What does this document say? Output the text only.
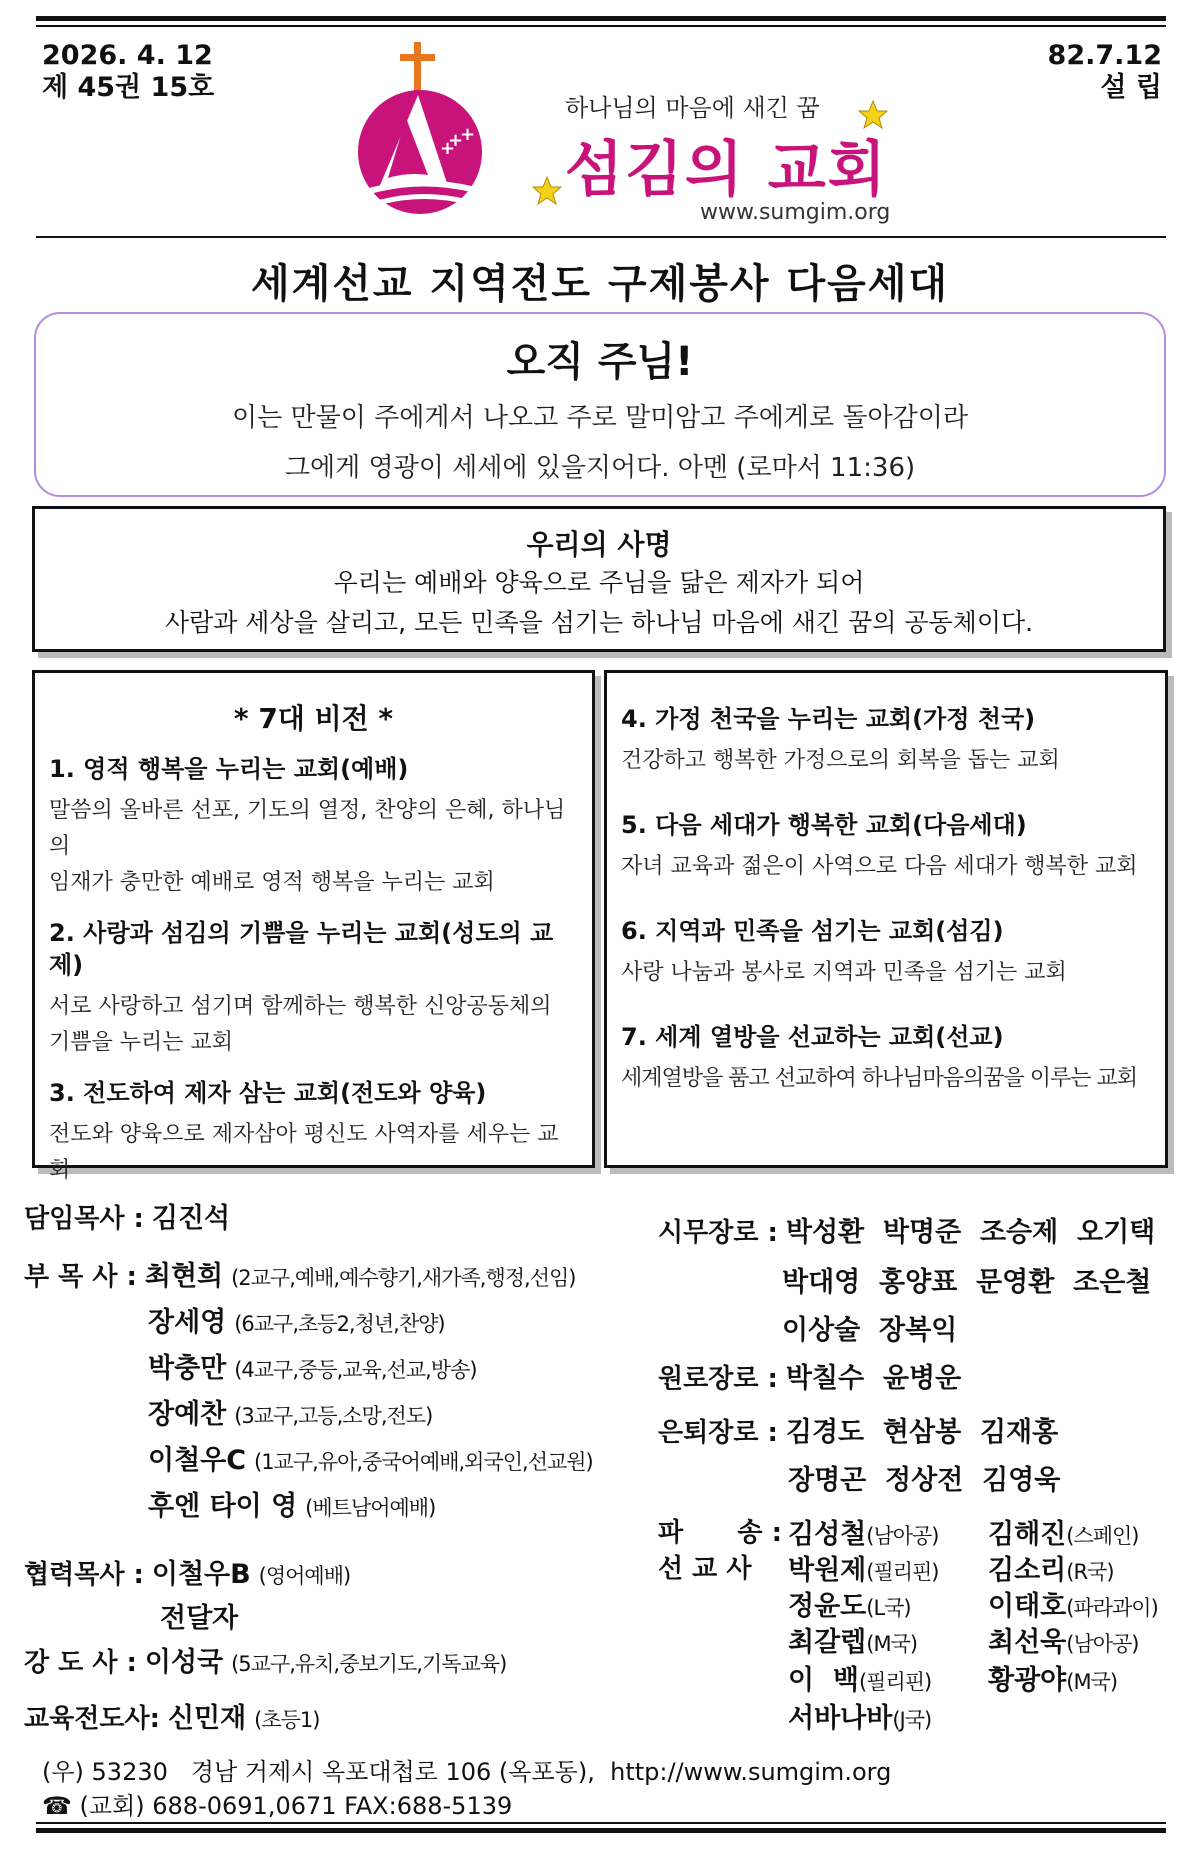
2026. 4. 12
제 45권 15호
82.7.12
설 립
+
+
+
하나님의 마음에 새긴 꿈
섬김의 교회
www.sumgim.org
세계선교 지역전도 구제봉사 다음세대
오직 주님!
이는 만물이 주에게서 나오고 주로 말미암고 주에게로 돌아감이라
그에게 영광이 세세에 있을지어다. 아멘 (로마서 11:36)
우리의 사명
우리는 예배와 양육으로 주님을 닮은 제자가 되어
사람과 세상을 살리고, 모든 민족을 섬기는 하나님 마음에 새긴 꿈의 공동체이다.
* 7대 비전 *
1. 영적 행복을 누리는 교회(예배)
말씀의 올바른 선포, 기도의 열정, 찬양의 은혜, 하나님의
임재가 충만한 예배로 영적 행복을 누리는 교회
2. 사랑과 섬김의 기쁨을 누리는 교회(성도의 교제)
서로 사랑하고 섬기며 함께하는 행복한 신앙공동체의
기쁨을 누리는 교회
3. 전도하여 제자 삼는 교회(전도와 양육)
전도와 양육으로 제자삼아 평신도 사역자를 세우는 교회
4. 가정 천국을 누리는 교회(가정 천국)
건강하고 행복한 가정으로의 회복을 돕는 교회
5. 다음 세대가 행복한 교회(다음세대)
자녀 교육과 젊은이 사역으로 다음 세대가 행복한 교회
6. 지역과 민족을 섬기는 교회(섬김)
사랑 나눔과 봉사로 지역과 민족을 섬기는 교회
7. 세계 열방을 선교하는 교회(선교)
세계열방을 품고 선교하여 하나님마음의꿈을 이루는 교회
담임목사 : 김진석
부 목 사 : 최현희 (2교구,예배,예수향기,새가족,행정,선임)
장세영 (6교구,초등2,청년,찬양)
박충만 (4교구,중등,교육,선교,방송)
장예찬 (3교구,고등,소망,전도)
이철우C (1교구,유아,중국어예배,외국인,선교원)
후엔 타이 영 (베트남어예배)
협력목사 : 이철우B (영어예배)
전달자
강 도 사 : 이성국 (5교구,유치,중보기도,기독교육)
교육전도사: 신민재 (초등1)
시무장로 : 박성환  박명준  조승제  오기택
박대영  홍양표  문영환  조은철
이상술  장복익
원로장로 : 박칠수  윤병운
은퇴장로 : 김경도  현삼봉  김재홍
장명곤  정상전  김영욱
파      송 :
선 교 사
김성철(남아공) 김해진(스페인)
박원제(필리핀) 김소리(R국)
정윤도(L국)	이태호(파라과이)
최갈렙(M국)	최선욱(남아공)
이  백(필리핀) 황광야(M국)
서바나바(J국)
(우) 53230   경남 거제시 옥포대첩로 106 (옥포동),  http://www.sumgim.org
☎ (교회) 688-0691,0671 FAX:688-5139
